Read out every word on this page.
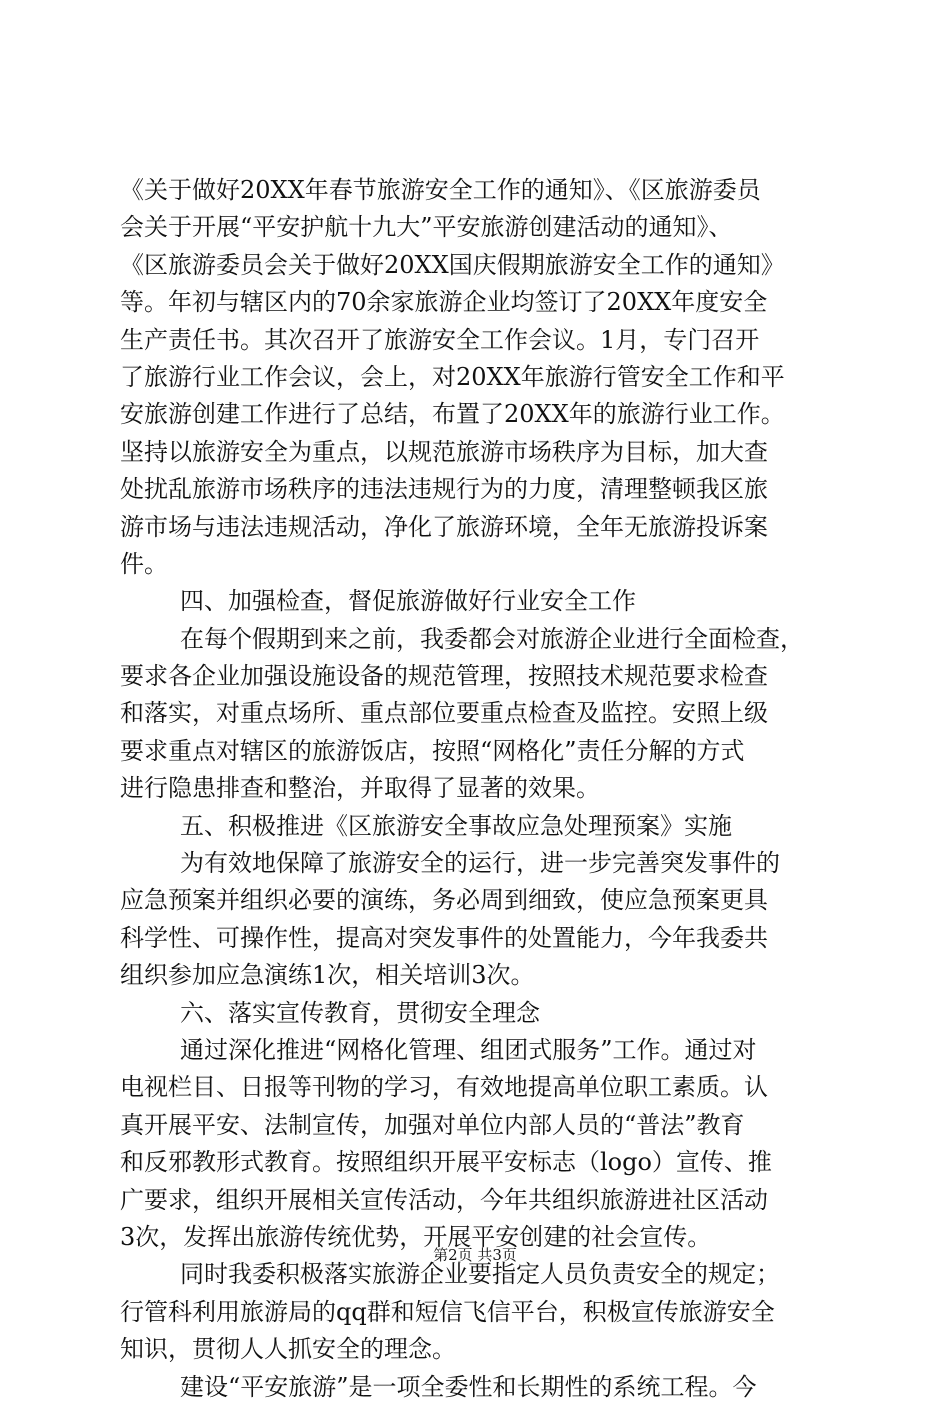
《关于做好20XX年春节旅游安全工作的通知》、《区旅游委员
会关于开展“平安护航十九大”平安旅游创建活动的通知》、
《区旅游委员会关于做好20XX国庆假期旅游安全工作的通知》
等。年初与辖区内的70余家旅游企业均签订了20XX年度安全
生产责任书。其次召开了旅游安全工作会议。1月，专门召开
了旅游行业工作会议，会上，对20XX年旅游行管安全工作和平
安旅游创建工作进行了总结，布置了20XX年的旅游行业工作。
坚持以旅游安全为重点，以规范旅游市场秩序为目标，加大查
处扰乱旅游市场秩序的违法违规行为的力度，清理整顿我区旅
游市场与违法违规活动，净化了旅游环境，全年无旅游投诉案
件。
四、加强检查，督促旅游做好行业安全工作
在每个假期到来之前，我委都会对旅游企业进行全面检查，
要求各企业加强设施设备的规范管理，按照技术规范要求检查
和落实，对重点场所、重点部位要重点检查及监控。安照上级
要求重点对辖区的旅游饭店，按照“网格化”责任分解的方式
进行隐患排查和整治，并取得了显著的效果。
五、积极推进《区旅游安全事故应急处理预案》实施
为有效地保障了旅游安全的运行，进一步完善突发事件的
应急预案并组织必要的演练，务必周到细致，使应急预案更具
科学性、可操作性，提高对突发事件的处置能力，今年我委共
组织参加应急演练1次，相关培训3次。
六、落实宣传教育，贯彻安全理念
通过深化推进“网格化管理、组团式服务”工作。通过对
电视栏目、日报等刊物的学习，有效地提高单位职工素质。认
真开展平安、法制宣传，加强对单位内部人员的“普法”教育
和反邪教形式教育。按照组织开展平安标志（logo）宣传、推
广要求，组织开展相关宣传活动，今年共组织旅游进社区活动
3次，发挥出旅游传统优势，开展平安创建的社会宣传。
同时我委积极落实旅游企业要指定人员负责安全的规定；
行管科利用旅游局的qq群和短信飞信平台，积极宣传旅游安全
知识，贯彻人人抓安全的理念。
建设“平安旅游”是一项全委性和长期性的系统工程。今
第2页 共3页
